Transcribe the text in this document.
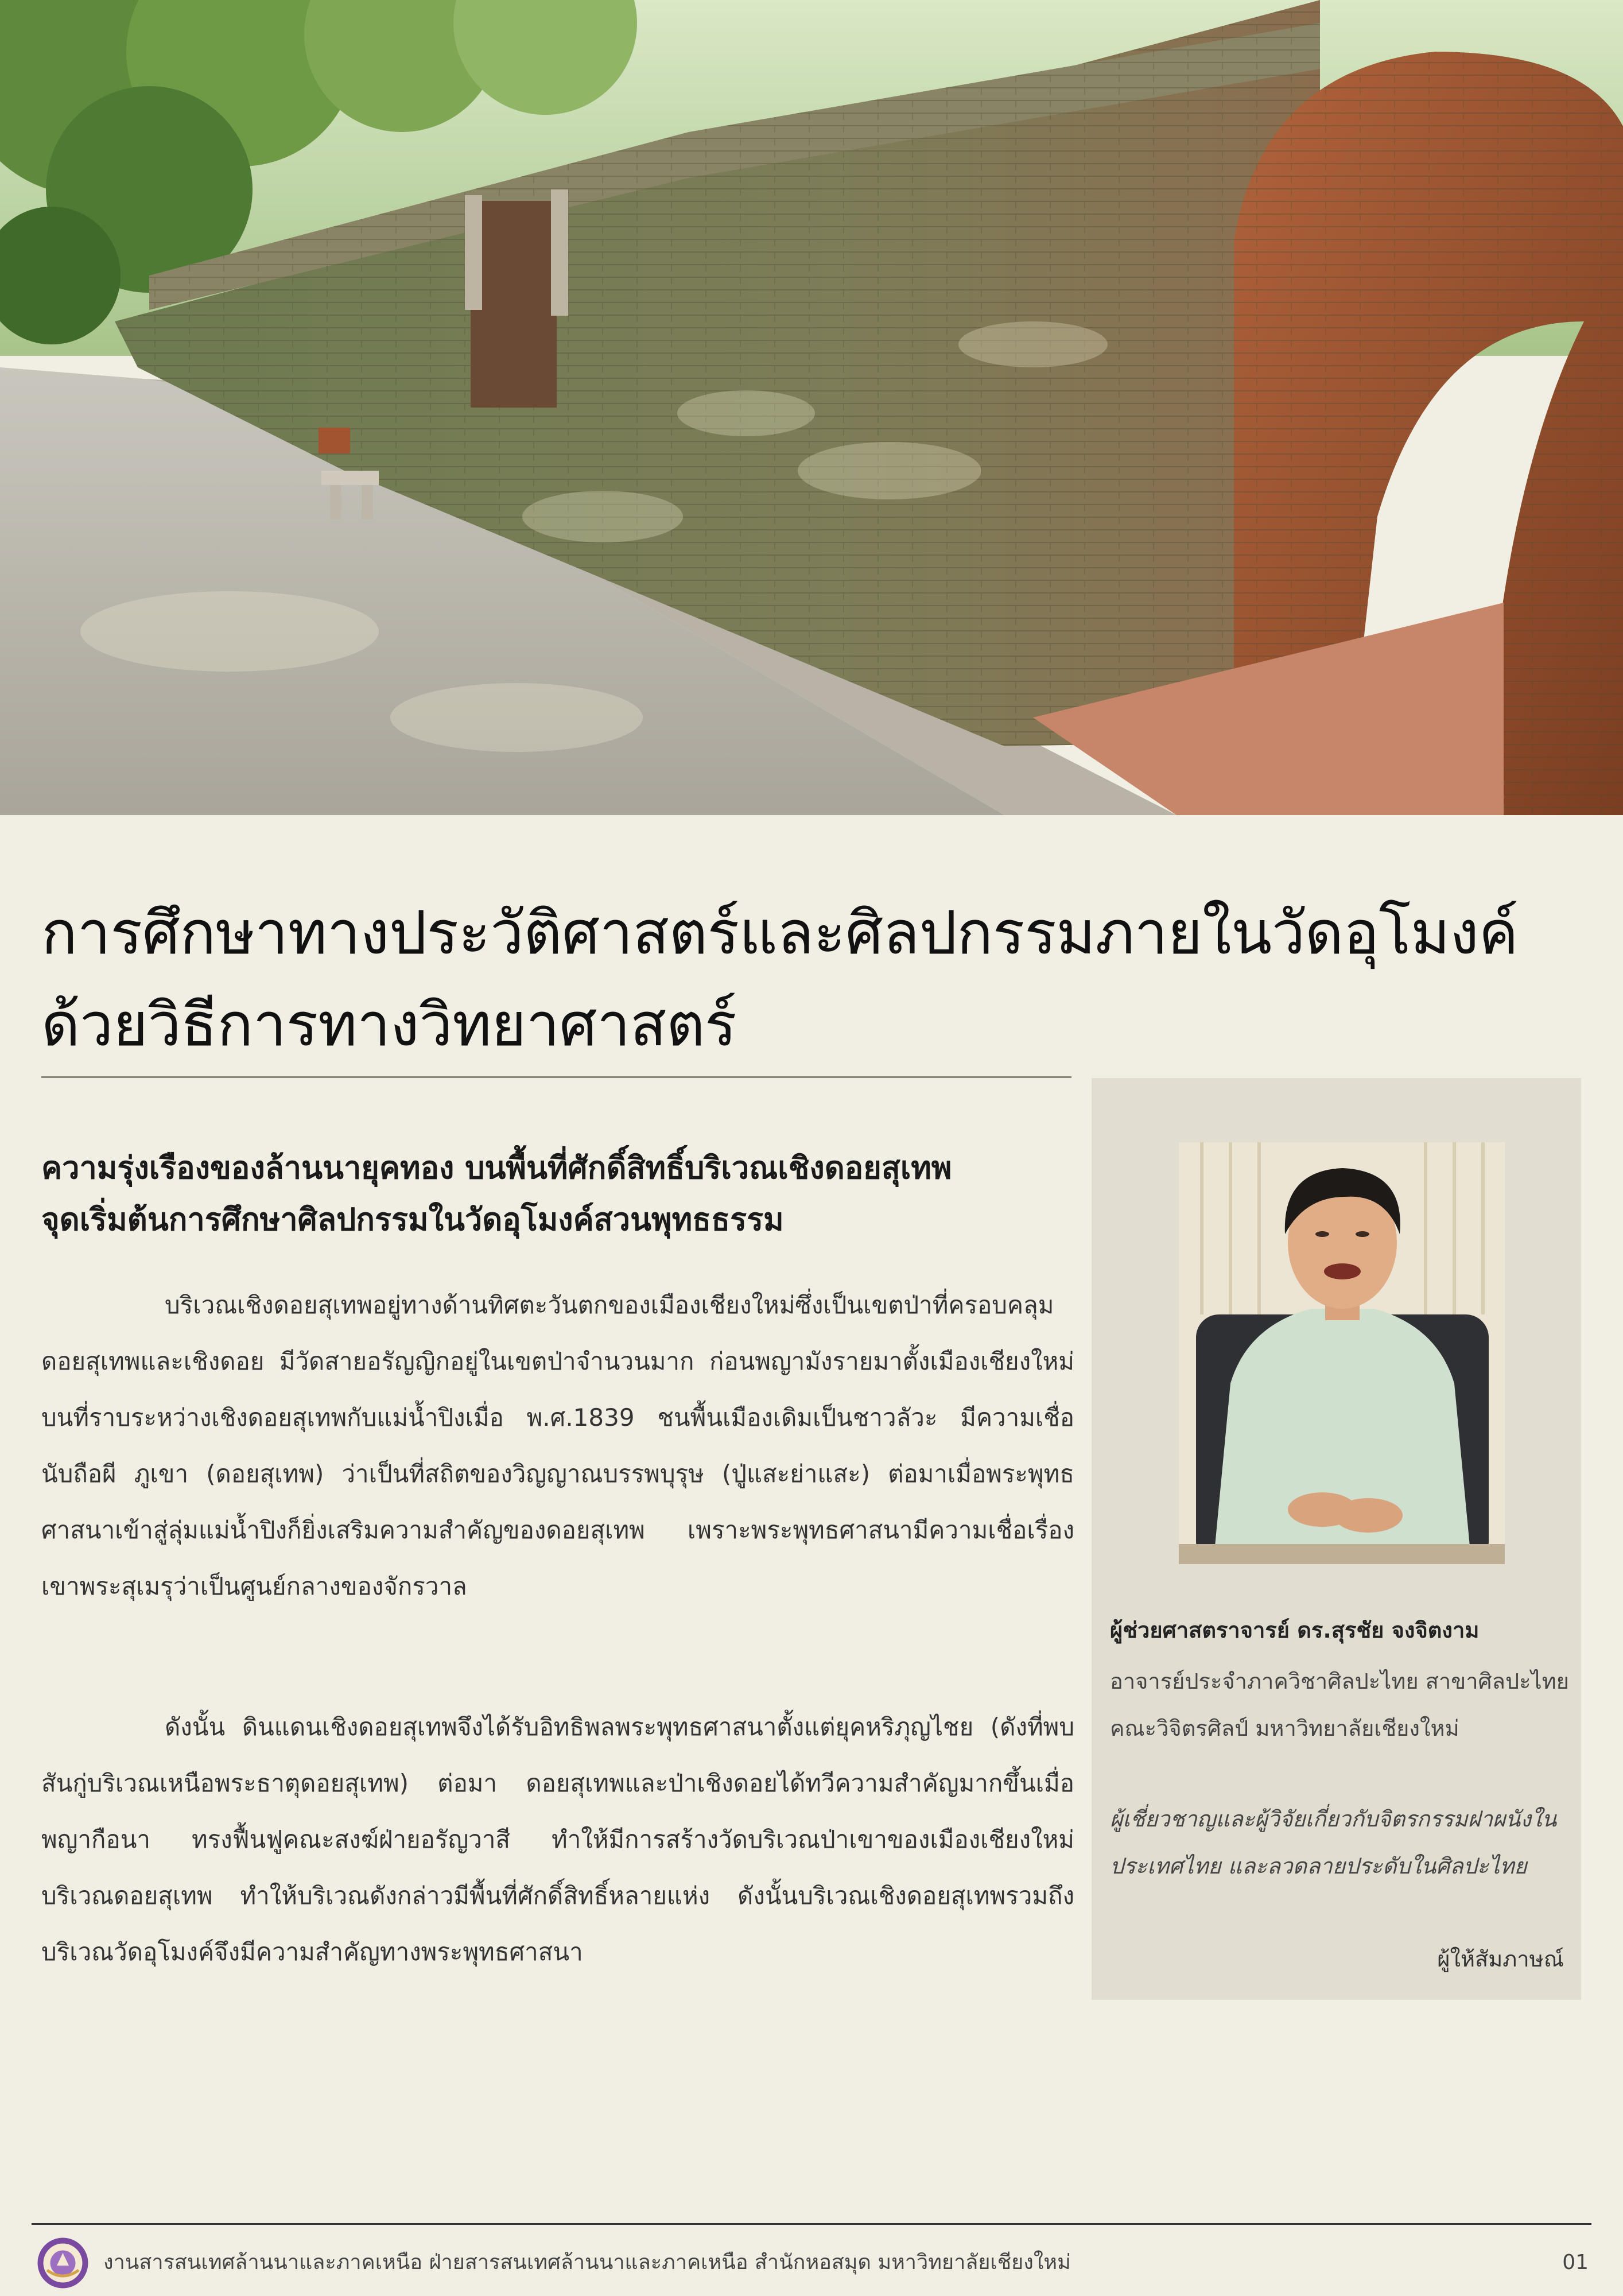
การศึกษาทางประวัติศาสตร์และศิลปกรรมภายในวัดอุโมงค์
ด้วยวิธีการทางวิทยาศาสตร์
ความรุ่งเรืองของล้านนายุคทอง บนพื้นที่ศักดิ์สิทธิ์บริเวณเชิงดอยสุเทพ
จุดเริ่มต้นการศึกษาศิลปกรรมในวัดอุโมงค์สวนพุทธธรรม

บริเวณเชิงดอยสุเทพอยู่ทางด้านทิศตะวันตกของเมืองเชียงใหม่ซึ่งเป็นเขตป่าที่ครอบคลุมดอยสุเทพและเชิงดอย มีวัดสายอรัญญิกอยู่ในเขตป่าจำนวนมาก ก่อนพญามังรายมาตั้งเมืองเชียงใหม่บนที่ราบระหว่างเชิงดอยสุเทพกับแม่น้ำปิงเมื่อ พ.ศ.1839 ชนพื้นเมืองเดิมเป็นชาวลัวะ มีความเชื่อนับถือผี ภูเขา (ดอยสุเทพ) ว่าเป็นที่สถิตของวิญญาณบรรพบุรุษ (ปู่แสะย่าแสะ) ต่อมาเมื่อพระพุทธศาสนาเข้าสู่ลุ่มแม่น้ำปิงก็ยิ่งเสริมความสำคัญของดอยสุเทพ เพราะพระพุทธศาสนามีความเชื่อเรื่องเขาพระสุเมรุว่าเป็นศูนย์กลางของจักรวาล

ดังนั้น ดินแดนเชิงดอยสุเทพจึงได้รับอิทธิพลพระพุทธศาสนาตั้งแต่ยุคหริภุญไชย (ดังที่พบสันกู่บริเวณเหนือพระธาตุดอยสุเทพ) ต่อมา ดอยสุเทพและป่าเชิงดอยได้ทวีความสำคัญมากขึ้นเมื่อพญากือนา ทรงฟื้นฟูคณะสงฆ์ฝ่ายอรัญวาสี ทำให้มีการสร้างวัดบริเวณป่าเขาของเมืองเชียงใหม่บริเวณดอยสุเทพ ทำให้บริเวณดังกล่าวมีพื้นที่ศักดิ์สิทธิ์หลายแห่ง ดังนั้นบริเวณเชิงดอยสุเทพรวมถึงบริเวณวัดอุโมงค์จึงมีความสำคัญทางพระพุทธศาสนา

ผู้ช่วยศาสตราจารย์ ดร.สุรชัย จงจิตงาม

อาจารย์ประจำภาควิชาศิลปะไทย สาขาศิลปะไทย
คณะวิจิตรศิลป์ มหาวิทยาลัยเชียงใหม่

ผู้เชี่ยวชาญและผู้วิจัยเกี่ยวกับจิตรกรรมฝาผนังใน
ประเทศไทย และลวดลายประดับในศิลปะไทย

ผู้ให้สัมภาษณ์

งานสารสนเทศล้านนาและภาคเหนือ ฝ่ายสารสนเทศล้านนาและภาคเหนือ สำนักหอสมุด มหาวิทยาลัยเชียงใหม่	01
